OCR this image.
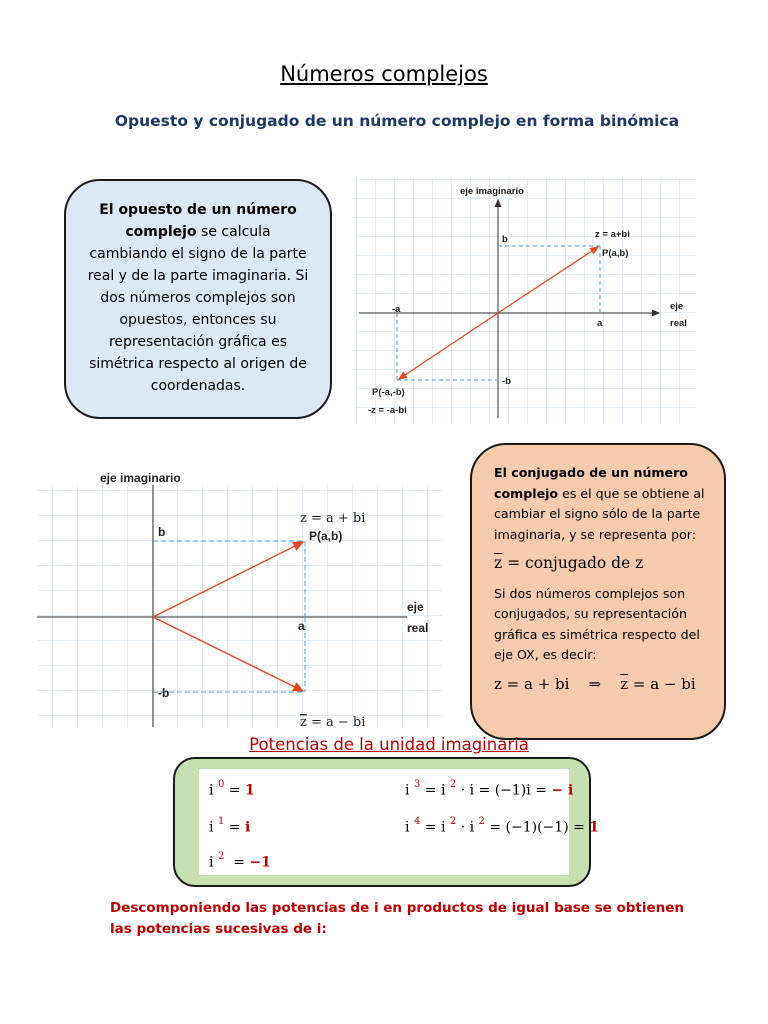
Números complejos
Opuesto y conjugado de un número complejo en forma binómica
El opuesto de un número complejo se calcula cambiando el signo de la parte real y de la parte imaginaria. Si dos números complejos son opuestos, entonces su representación gráfica es simétrica respecto al origen de coordenadas.
eje imaginario
eje
real
b
a
-a
-b
z = a+bi
P(a,b)
P(-a,-b)
-z = -a-bi
eje imaginario
eje
real
b
a
-b
P(a,b)
z = a + bi
z = a − bi

El conjugado de un número complejo es el que se obtiene al cambiar el signo sólo de la parte imaginaria, y se representa por:

$\overline{z}$ = conjugado de z

Si dos números complejos son conjugados, su representación gráfica es simétrica respecto del eje OX, es decir:

z = a + bi ⇒ $\overline{z} = a$ − bi

Potencias de la unidad imaginaria
i $^0$ = 1
i $^1$ = i
i $^2$  = −1
i $^3$ = i $^2$ · i = (−1)i = − i
i $^4$ = i $^2$ · i $^2$ = (−1)(−1) = 1
Descomponiendo las potencias de i en productos de igual base se obtienen las potencias sucesivas de i:
